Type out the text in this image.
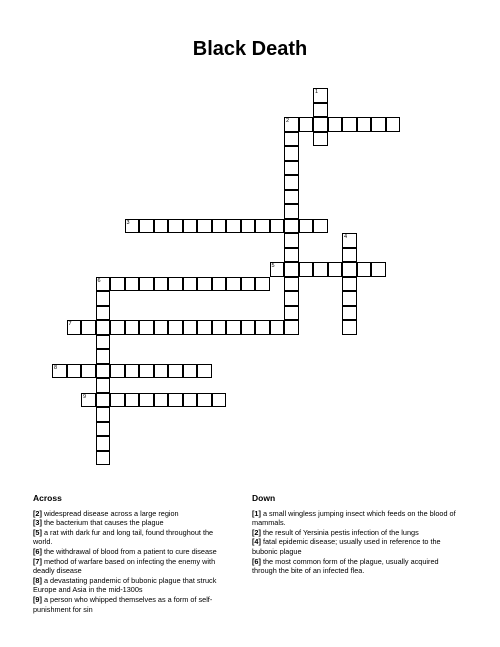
Black Death
1
2
3
4
5
6
7
8
9
Across
[2] widespread disease across a large region
[3] the bacterium that causes the plague
[5] a rat with dark fur and long tail, found throughout the world.
[6] the withdrawal of blood from a patient to cure disease
[7] method of warfare based on infecting the enemy with deadly disease
[8] a devastating pandemic of bubonic plague that struck Europe and Asia in the mid-1300s
[9] a person who whipped themselves as a form of self-punishment for sin
Down
[1] a small wingless jumping insect which feeds on the blood of mammals.
[2] the result of Yersinia pestis infection of the lungs
[4] fatal epidemic disease; usually used in reference to the bubonic plague
[6] the most common form of the plague, usually acquired through the bite of an infected flea.
